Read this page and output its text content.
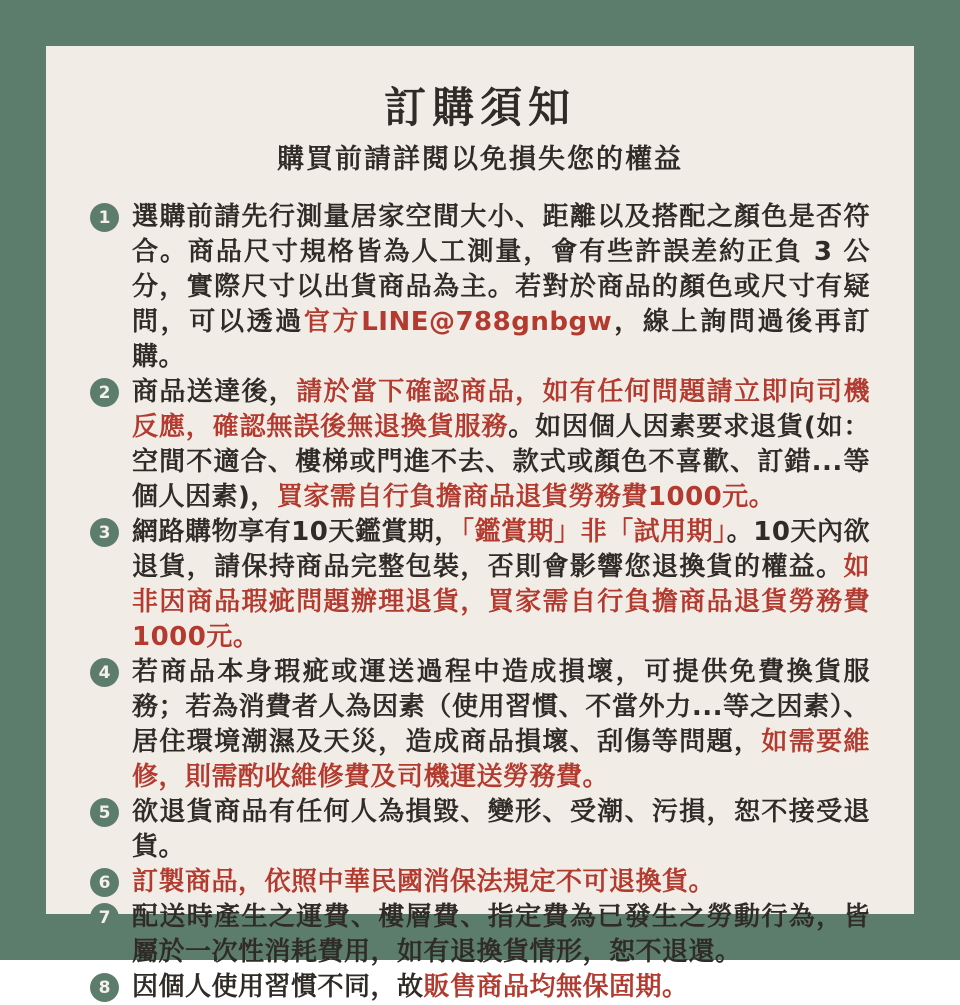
訂購須知
購買前請詳閱以免損失您的權益
1 選購前請先行測量居家空間大小、距離以及搭配之顏色是否符合。商品尺寸規格皆為人工測量，會有些許誤差約正負 3 公分，實際尺寸以出貨商品為主。若對於商品的顏色或尺寸有疑問，可以透過官方LINE@788gnbgw，線上詢問過後再訂購。

2 商品送達後，請於當下確認商品，如有任何問題請立即向司機反應，確認無誤後無退換貨服務。如因個人因素要求退貨(如：空間不適合、樓梯或門進不去、款式或顏色不喜歡、訂錯...等個人因素)，買家需自行負擔商品退貨勞務費1000元。

3 網路購物享有10天鑑賞期，「鑑賞期」非「試用期」。10天內欲退貨，請保持商品完整包裝，否則會影響您退換貨的權益。如非因商品瑕疵問題辦理退貨，買家需自行負擔商品退貨勞務費1000元。

4 若商品本身瑕疵或運送過程中造成損壞，可提供免費換貨服務；若為消費者人為因素（使用習慣、不當外力...等之因素）、居住環境潮濕及天災，造成商品損壞、刮傷等問題，如需要維修，則需酌收維修費及司機運送勞務費。

5 欲退貨商品有任何人為損毀、變形、受潮、污損，恕不接受退貨。

6 訂製商品，依照中華民國消保法規定不可退換貨。

7 配送時產生之運費、樓層費、指定費為已發生之勞動行為，皆屬於一次性消耗費用，如有退換貨情形，恕不退還。

8 因個人使用習慣不同，故販售商品均無保固期。
